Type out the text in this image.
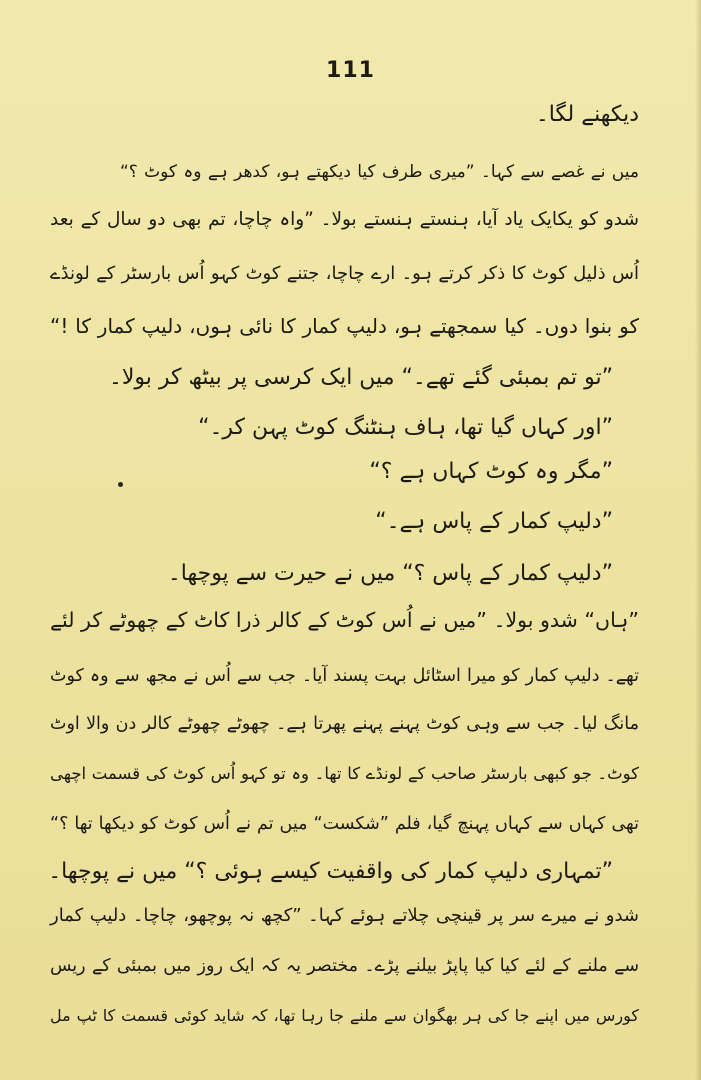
111
دیکھنے لگا۔
میں نے غصے سے کہا۔ ”میری طرف کیا دیکھتے ہو، کدھر ہے وہ کوٹ ؟“
شدو کو یکایک یاد آیا، ہنستے ہنستے بولا۔ ”واہ چاچا، تم بھی دو سال کے بعد
اُس ذلیل کوٹ کا ذکر کرتے ہو۔ ارے چاچا، جتنے کوٹ کہو اُس بارسٹر کے لونڈے
کو بنوا دوں۔ کیا سمجھتے ہو، دلیپ کمار کا نائی ہوں، دلیپ کمار کا !“
”تو تم بمبئی گئے تھے۔“ میں ایک کرسی پر بیٹھ کر بولا۔
”اور کہاں گیا تھا، ہاف ہنٹنگ کوٹ پہن کر۔“
”مگر وہ کوٹ کہاں ہے ؟“
”دلیپ کمار کے پاس ہے۔“
”دلیپ کمار کے پاس ؟“ میں نے حیرت سے پوچھا۔
”ہاں“ شدو بولا۔ ”میں نے اُس کوٹ کے کالر ذرا کاٹ کے چھوٹے کر لئے
تھے۔ دلیپ کمار کو میرا اسٹائل بہت پسند آیا۔ جب سے اُس نے مجھ سے وہ کوٹ
مانگ لیا۔ جب سے وہی کوٹ پہنے پہنے پھرتا ہے۔ چھوٹے چھوٹے کالر دن والا اوٹ
کوٹ۔ جو کبھی بارسٹر صاحب کے لونڈے کا تھا۔ وہ تو کہو اُس کوٹ کی قسمت اچھی
تھی کہاں سے کہاں پہنچ گیا، فلم ”شکست“ میں تم نے اُس کوٹ کو دیکھا تھا ؟“
”تمہاری دلیپ کمار کی واقفیت کیسے ہوئی ؟“ میں نے پوچھا۔
شدو نے میرے سر پر قینچی چلاتے ہوئے کہا۔ ”کچھ نہ پوچھو، چاچا۔ دلیپ کمار
سے ملنے کے لئے کیا کیا پاپڑ بیلنے پڑے۔ مختصر یہ کہ ایک روز میں بمبئی کے ریس
کورس میں اپنے جا کی ہر بھگوان سے ملنے جا رہا تھا، کہ شاید کوئی قسمت کا ٹپ مل
